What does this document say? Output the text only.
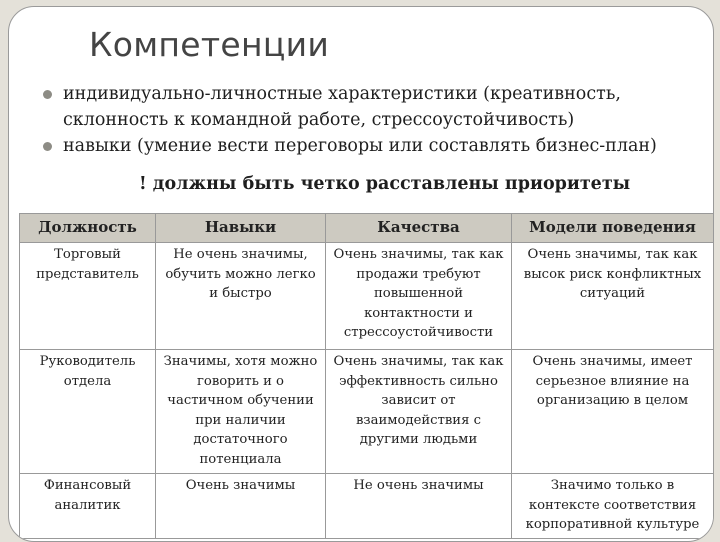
Компетенции
индивидуально-личностные характеристики (креативность, склонность к командной работе, стрессоустойчивость)
навыки (умение вести переговоры или составлять бизнес-план)
! должны быть четко расставлены приоритеты
Должность	Навыки	Качества	Модели поведения
Торговый представитель	Не очень значимы, обучить можно легко и быстро	Очень значимы, так как продажи требуют повышенной контактности и стрессоустойчивости	Очень значимы, так как высок риск конфликтных ситуаций
Руководитель отдела	Значимы, хотя можно говорить и о частичном обучении при наличии достаточного потенциала	Очень значимы, так как эффективность сильно зависит от взаимодействия с другими людьми	Очень значимы, имеет серьезное влияние на организацию в целом
Финансовый аналитик	Очень значимы	Не очень значимы	Значимо только в контексте соответствия корпоративной культуре
